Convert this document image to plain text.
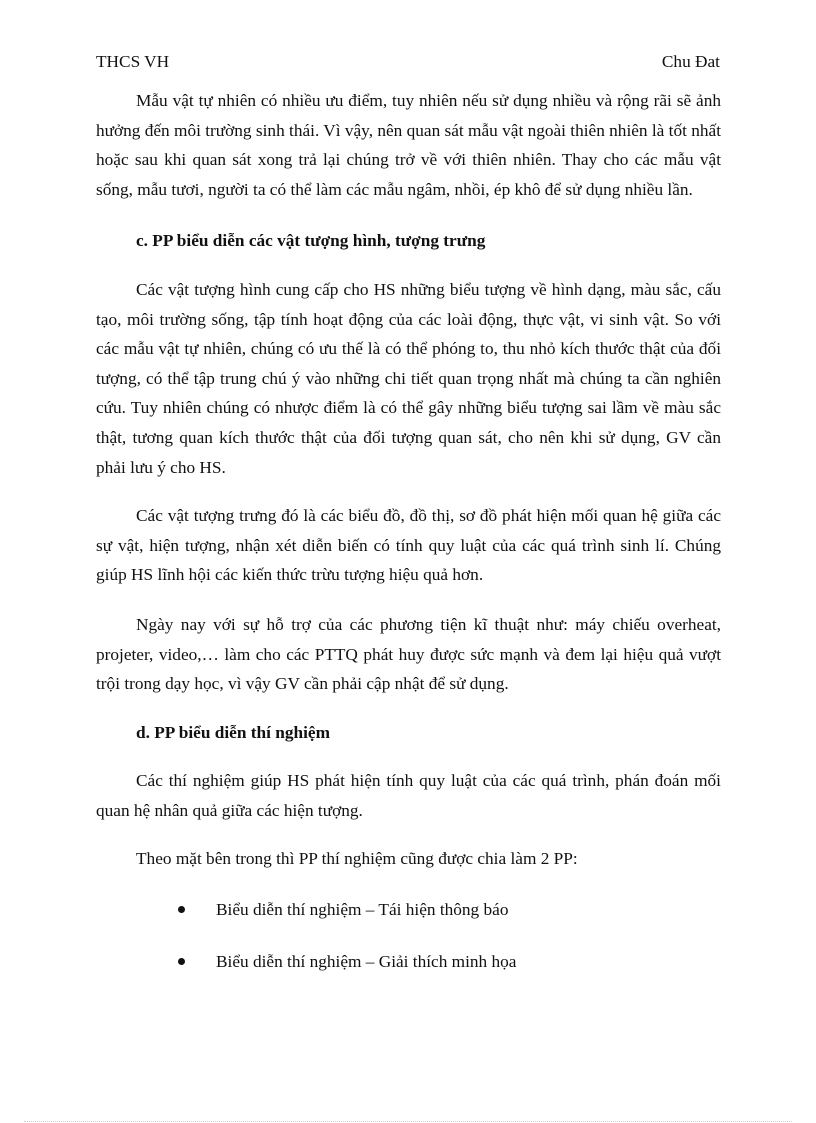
THCS VH	Chu Đat

Mẫu vật tự nhiên có nhiều ưu điểm, tuy nhiên nếu sử dụng nhiều và rộng rãi sẽ ảnh hưởng đến môi trường sinh thái. Vì vậy, nên quan sát mẫu vật ngoài thiên nhiên là tốt nhất hoặc sau khi quan sát xong trả lại chúng trở về với thiên nhiên. Thay cho các mẫu vật sống, mẫu tươi, người ta có thể làm các mẫu ngâm, nhồi, ép khô để sử dụng nhiều lần.

c. PP biểu diễn các vật tượng hình, tượng trưng

Các vật tượng hình cung cấp cho HS những biểu tượng về hình dạng, màu sắc, cấu tạo, môi trường sống, tập tính hoạt động của các loài động, thực vật, vi sinh vật. So với các mẫu vật tự nhiên, chúng có ưu thế là có thể phóng to, thu nhỏ kích thước thật của đối tượng, có thể tập trung chú ý vào những chi tiết quan trọng nhất mà chúng ta cần nghiên cứu. Tuy nhiên chúng có nhược điểm là có thể gây những biểu tượng sai lầm về màu sắc thật, tương quan kích thước thật của đối tượng quan sát, cho nên khi sử dụng, GV cần phải lưu ý cho HS.

Các vật tượng trưng đó là các biểu đồ, đồ thị, sơ đồ phát hiện mối quan hệ giữa các sự vật, hiện tượng, nhận xét diễn biến có tính quy luật của các quá trình sinh lí. Chúng giúp HS lĩnh hội các kiến thức trừu tượng hiệu quả hơn.

Ngày nay với sự hỗ trợ của các phương tiện kĩ thuật như: máy chiếu overheat, projeter, video,… làm cho các PTTQ phát huy được sức mạnh và đem lại hiệu quả vượt trội trong dạy học, vì vậy GV cần phải cập nhật để sử dụng.

d. PP biểu diễn thí nghiệm

Các thí nghiệm giúp HS phát hiện tính quy luật của các quá trình, phán đoán mối quan hệ nhân quả giữa các hiện tượng.

Theo mặt bên trong thì PP thí nghiệm cũng được chia làm 2 PP:

Biểu diễn thí nghiệm – Tái hiện thông báo
Biểu diễn thí nghiệm – Giải thích minh họa
